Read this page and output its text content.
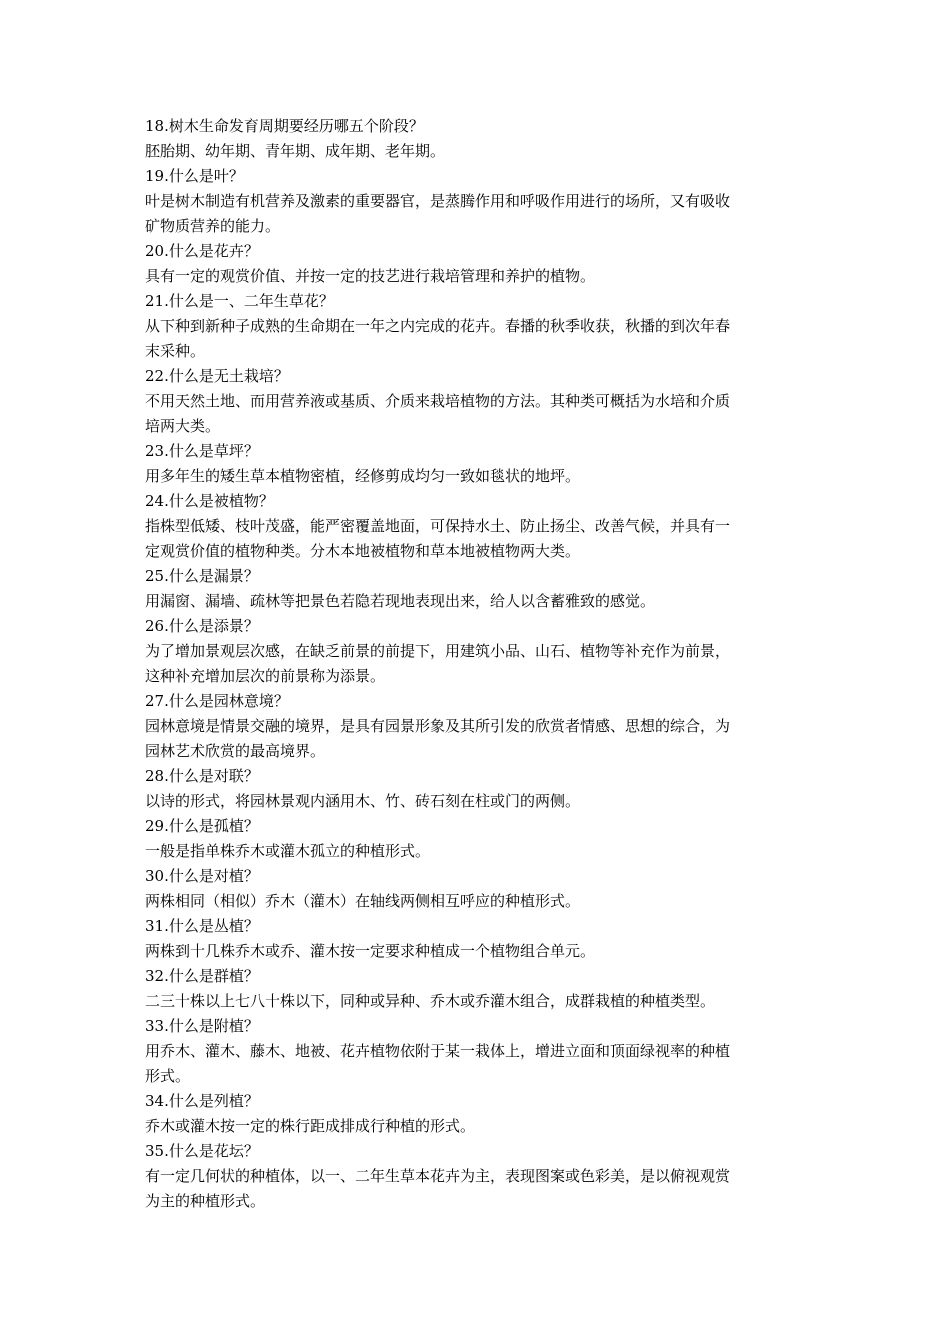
18.树木生命发育周期要经历哪五个阶段？
胚胎期、幼年期、青年期、成年期、老年期。
19.什么是叶？
叶是树木制造有机营养及激素的重要器官，是蒸腾作用和呼吸作用进行的场所，又有吸收
矿物质营养的能力。
20.什么是花卉？
具有一定的观赏价值、并按一定的技艺进行栽培管理和养护的植物。
21.什么是一、二年生草花？
从下种到新种子成熟的生命期在一年之内完成的花卉。春播的秋季收获，秋播的到次年春
末采种。
22.什么是无土栽培？
不用天然土地、而用营养液或基质、介质来栽培植物的方法。其种类可概括为水培和介质
培两大类。
23.什么是草坪？
用多年生的矮生草本植物密植，经修剪成均匀一致如毯状的地坪。
24.什么是被植物？
指株型低矮、枝叶茂盛，能严密覆盖地面，可保持水土、防止扬尘、改善气候，并具有一
定观赏价值的植物种类。分木本地被植物和草本地被植物两大类。
25.什么是漏景？
用漏窗、漏墙、疏林等把景色若隐若现地表现出来，给人以含蓄雅致的感觉。
26.什么是添景？
为了增加景观层次感，在缺乏前景的前提下，用建筑小品、山石、植物等补充作为前景，
这种补充增加层次的前景称为添景。
27.什么是园林意境？
园林意境是情景交融的境界，是具有园景形象及其所引发的欣赏者情感、思想的综合，为
园林艺术欣赏的最高境界。
28.什么是对联？
以诗的形式，将园林景观内涵用木、竹、砖石刻在柱或门的两侧。
29.什么是孤植？
一般是指单株乔木或灌木孤立的种植形式。
30.什么是对植？
两株相同（相似）乔木（灌木）在轴线两侧相互呼应的种植形式。
31.什么是丛植？
两株到十几株乔木或乔、灌木按一定要求种植成一个植物组合单元。
32.什么是群植？
二三十株以上七八十株以下，同种或异种、乔木或乔灌木组合，成群栽植的种植类型。
33.什么是附植？
用乔木、灌木、藤木、地被、花卉植物依附于某一栽体上，增进立面和顶面绿视率的种植
形式。
34.什么是列植？
乔木或灌木按一定的株行距成排成行种植的形式。
35.什么是花坛？
有一定几何状的种植体，以一、二年生草本花卉为主，表现图案或色彩美，是以俯视观赏
为主的种植形式。
